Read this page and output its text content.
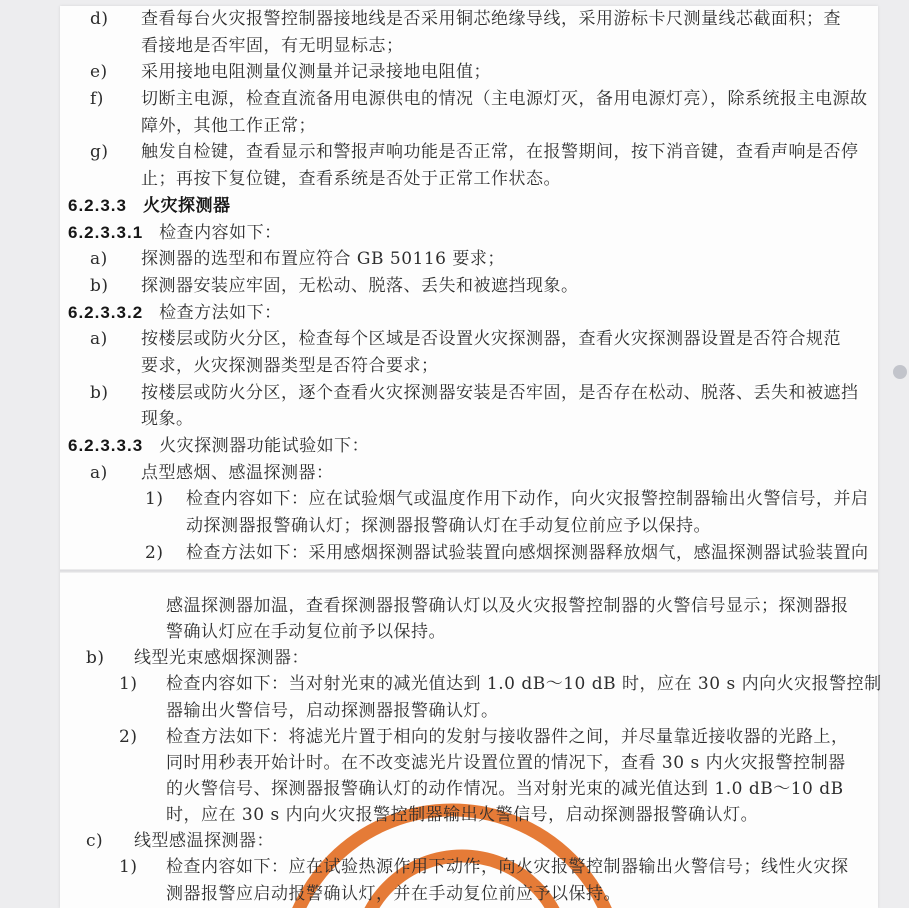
d) 查看每台火灾报警控制器接地线是否采用铜芯绝缘导线，采用游标卡尺测量线芯截面积；查
看接地是否牢固，有无明显标志；
e) 采用接地电阻测量仪测量并记录接地电阻值；
f) 切断主电源，检查直流备用电源供电的情况（主电源灯灭，备用电源灯亮），除系统报主电源故
障外，其他工作正常；
g) 触发自检键，查看显示和警报声响功能是否正常，在报警期间，按下消音键，查看声响是否停
止；再按下复位键，查看系统是否处于正常工作状态。
6.2.3.3 火灾探测器
6.2.3.3.1 检查内容如下：
a) 探测器的选型和布置应符合 GB 50116 要求；
b) 探测器安装应牢固，无松动、脱落、丢失和被遮挡现象。
6.2.3.3.2 检查方法如下：
a) 按楼层或防火分区，检查每个区域是否设置火灾探测器，查看火灾探测器设置是否符合规范
要求，火灾探测器类型是否符合要求；
b) 按楼层或防火分区，逐个查看火灾探测器安装是否牢固，是否存在松动、脱落、丢失和被遮挡
现象。
6.2.3.3.3 火灾探测器功能试验如下：
a) 点型感烟、感温探测器：
1) 检查内容如下：应在试验烟气或温度作用下动作，向火灾报警控制器输出火警信号，并启
动探测器报警确认灯；探测器报警确认灯在手动复位前应予以保持。
2) 检查方法如下：采用感烟探测器试验装置向感烟探测器释放烟气，感温探测器试验装置向
感温探测器加温，查看探测器报警确认灯以及火灾报警控制器的火警信号显示；探测器报
警确认灯应在手动复位前予以保持。
b) 线型光束感烟探测器：
1) 检查内容如下：当对射光束的减光值达到 1.0 dB～10 dB 时，应在 30 s 内向火灾报警控制
器输出火警信号，启动探测器报警确认灯。
2) 检查方法如下：将滤光片置于相向的发射与接收器件之间，并尽量靠近接收器的光路上，
同时用秒表开始计时。在不改变滤光片设置位置的情况下，查看 30 s 内火灾报警控制器
的火警信号、探测器报警确认灯的动作情况。当对射光束的减光值达到 1.0 dB～10 dB
时，应在 30 s 内向火灾报警控制器输出火警信号，启动探测器报警确认灯。
c) 线型感温探测器：
1) 检查内容如下：应在试验热源作用下动作，向火灾报警控制器输出火警信号；线性火灾探
测器报警应启动报警确认灯，并在手动复位前应予以保持。
